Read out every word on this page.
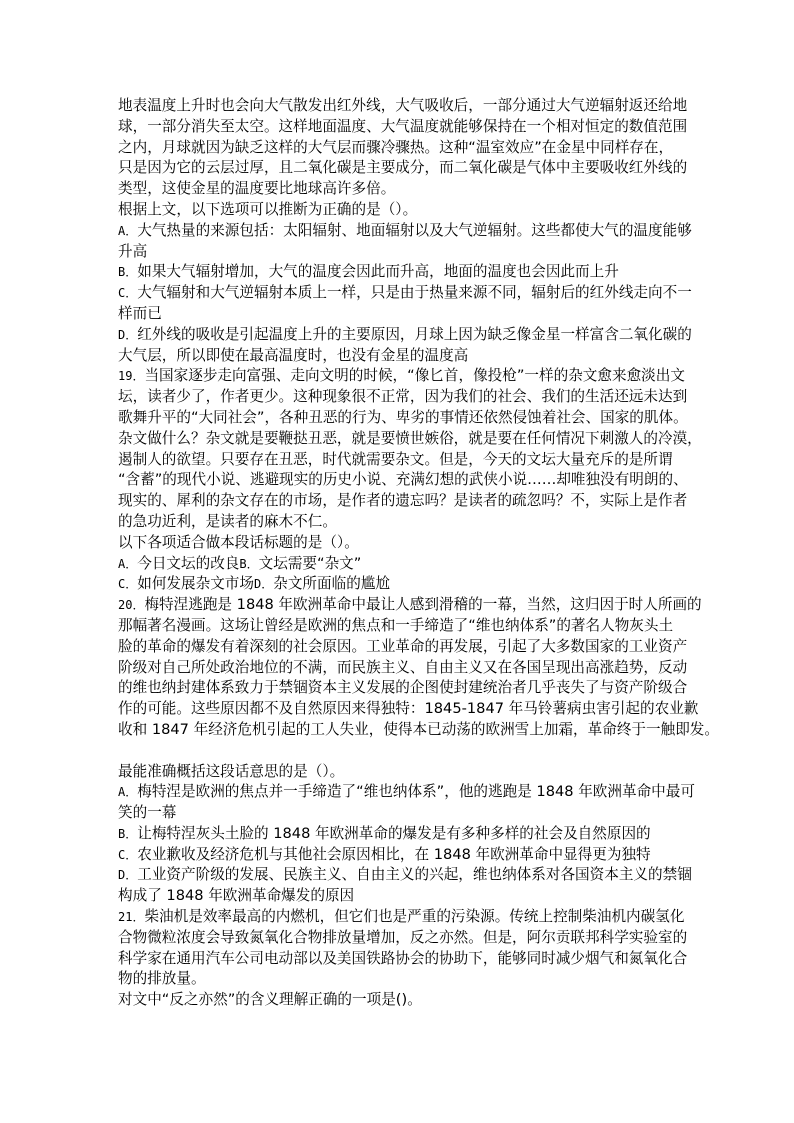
地表温度上升时也会向大气散发出红外线，大气吸收后，一部分通过大气逆辐射返还给地
球，一部分消失至太空。这样地面温度、大气温度就能够保持在一个相对恒定的数值范围
之内，月球就因为缺乏这样的大气层而骤冷骤热。这种“温室效应”在金星中同样存在，
只是因为它的云层过厚，且二氧化碳是主要成分，而二氧化碳是气体中主要吸收红外线的
类型，这使金星的温度要比地球高许多倍。
根据上文，以下选项可以推断为正确的是（）。
A．大气热量的来源包括：太阳辐射、地面辐射以及大气逆辐射。这些都使大气的温度能够
升高
B．如果大气辐射增加，大气的温度会因此而升高，地面的温度也会因此而上升
C．大气辐射和大气逆辐射本质上一样，只是由于热量来源不同，辐射后的红外线走向不一
样而已
D．红外线的吸收是引起温度上升的主要原因，月球上因为缺乏像金星一样富含二氧化碳的
大气层，所以即使在最高温度时，也没有金星的温度高
19．当国家逐步走向富强、走向文明的时候，“像匕首，像投枪”一样的杂文愈来愈淡出文
坛，读者少了，作者更少。这种现象很不正常，因为我们的社会、我们的生活还远未达到
歌舞升平的“大同社会”，各种丑恶的行为、卑劣的事情还依然侵蚀着社会、国家的肌体。
杂文做什么？杂文就是要鞭挞丑恶，就是要愤世嫉俗，就是要在任何情况下刺激人的冷漠，
遏制人的欲望。只要存在丑恶，时代就需要杂文。但是，今天的文坛大量充斥的是所谓
“含蓄”的现代小说、逃避现实的历史小说、充满幻想的武侠小说……却唯独没有明朗的、
现实的、犀利的杂文存在的市场，是作者的遗忘吗？是读者的疏忽吗？不，实际上是作者
的急功近利，是读者的麻木不仁。
以下各项适合做本段话标题的是（）。
A．今日文坛的改良B．文坛需要“杂文”
C．如何发展杂文市场D．杂文所面临的尴尬
20．梅特涅逃跑是 1848 年欧洲革命中最让人感到滑稽的一幕，当然，这归因于时人所画的
那幅著名漫画。这场让曾经是欧洲的焦点和一手缔造了“维也纳体系”的著名人物灰头土
脸的革命的爆发有着深刻的社会原因。工业革命的再发展，引起了大多数国家的工业资产
阶级对自己所处政治地位的不满，而民族主义、自由主义又在各国呈现出高涨趋势，反动
的维也纳封建体系致力于禁锢资本主义发展的企图使封建统治者几乎丧失了与资产阶级合
作的可能。这些原因都不及自然原因来得独特：1845-1847 年马铃薯病虫害引起的农业歉
收和 1847 年经济危机引起的工人失业，使得本已动荡的欧洲雪上加霜，革命终于一触即发。
最能准确概括这段话意思的是（）。
A．梅特涅是欧洲的焦点并一手缔造了“维也纳体系”，他的逃跑是 1848 年欧洲革命中最可
笑的一幕
B．让梅特涅灰头土脸的 1848 年欧洲革命的爆发是有多种多样的社会及自然原因的
C．农业歉收及经济危机与其他社会原因相比，在 1848 年欧洲革命中显得更为独特
D．工业资产阶级的发展、民族主义、自由主义的兴起，维也纳体系对各国资本主义的禁锢
构成了 1848 年欧洲革命爆发的原因
21．柴油机是效率最高的内燃机，但它们也是严重的污染源。传统上控制柴油机内碳氢化
合物微粒浓度会导致氮氧化合物排放量增加，反之亦然。但是，阿尔贡联邦科学实验室的
科学家在通用汽车公司电动部以及美国铁路协会的协助下，能够同时减少烟气和氮氧化合
物的排放量。
对文中“反之亦然”的含义理解正确的一项是()。
